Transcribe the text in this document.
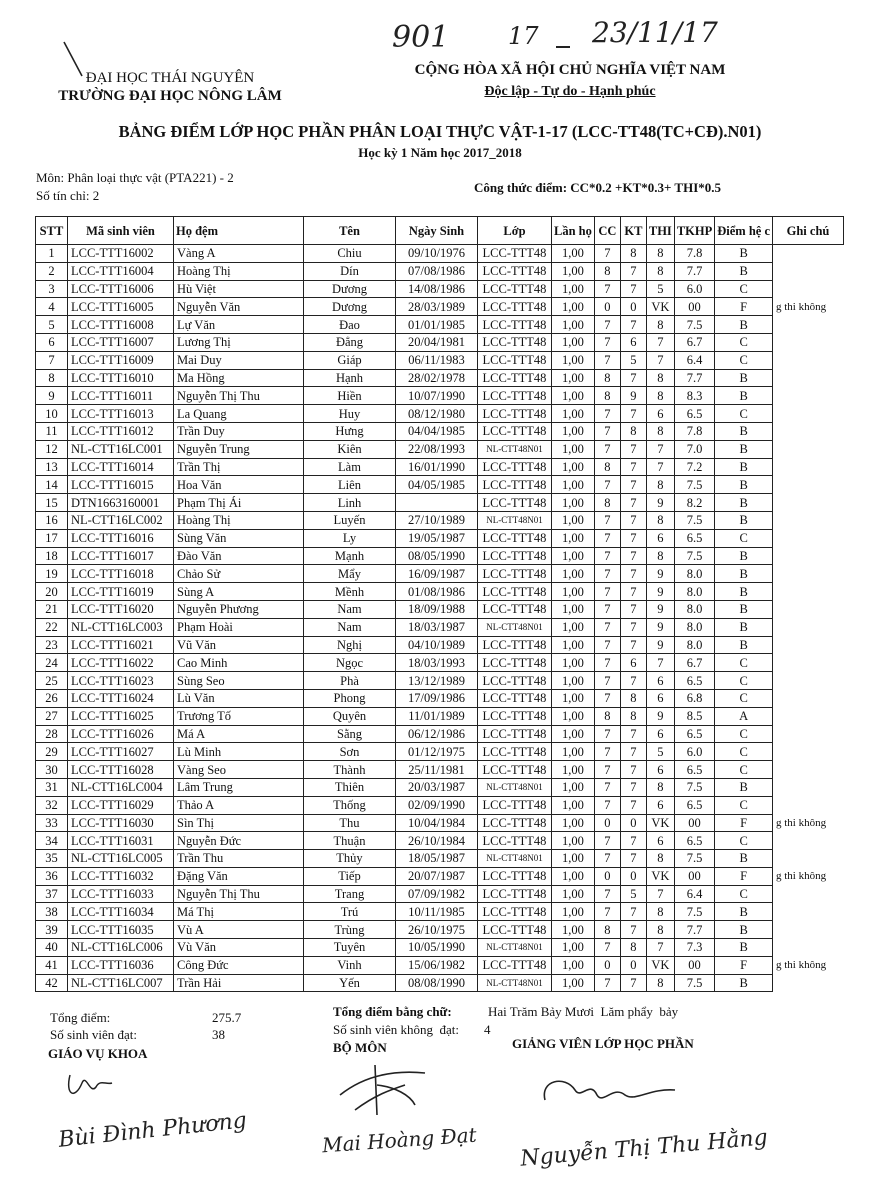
901 17 23/11/17
ĐẠI HỌC THÁI NGUYÊN
TRƯỜNG ĐẠI HỌC NÔNG LÂM
CỘNG HÒA XÃ HỘI CHỦ NGHĨA VIỆT NAM
Độc lập - Tự do - Hạnh phúc
BẢNG ĐIỂM LỚP HỌC PHẦN PHÂN LOẠI THỰC VẬT-1-17 (LCC-TT48(TC+CĐ).N01)
Học kỳ 1 Năm học 2017_2018
Môn: Phân loại thực vật (PTA221) - 2
Số tín chỉ: 2
Công thức điểm: CC*0.2 +KT*0.3+ THI*0.5
STT	Mã sinh viên	Họ đệm	Tên	Ngày Sinh	Lớp	Lần họ	CC	KT	THI	TKHP	Điểm hệ c	Ghi chú
1	LCC-TTT16002	Vàng A	Chiu	09/10/1976	LCC-TTT48	1,00	7	8	8	7.8	B	
2	LCC-TTT16004	Hoàng Thị	Dín	07/08/1986	LCC-TTT48	1,00	8	7	8	7.7	B	
3	LCC-TTT16006	Hù Việt	Dương	14/08/1986	LCC-TTT48	1,00	7	7	5	6.0	C	
4	LCC-TTT16005	Nguyễn Văn	Dương	28/03/1989	LCC-TTT48	1,00	0	0	VK	00	F	g thi không
5	LCC-TTT16008	Lự Văn	Đao	01/01/1985	LCC-TTT48	1,00	7	7	8	7.5	B	
6	LCC-TTT16007	Lương Thị	Đẳng	20/04/1981	LCC-TTT48	1,00	7	6	7	6.7	C	
7	LCC-TTT16009	Mai Duy	Giáp	06/11/1983	LCC-TTT48	1,00	7	5	7	6.4	C	
8	LCC-TTT16010	Ma Hồng	Hạnh	28/02/1978	LCC-TTT48	1,00	8	7	8	7.7	B	
9	LCC-TTT16011	Nguyễn Thị Thu	Hiền	10/07/1990	LCC-TTT48	1,00	8	9	8	8.3	B	
10	LCC-TTT16013	La Quang	Huy	08/12/1980	LCC-TTT48	1,00	7	7	6	6.5	C	
11	LCC-TTT16012	Trần Duy	Hưng	04/04/1985	LCC-TTT48	1,00	7	8	8	7.8	B	
12	NL-CTT16LC001	Nguyễn Trung	Kiên	22/08/1993	NL-CTT48N01	1,00	7	7	7	7.0	B	
13	LCC-TTT16014	Trần Thị	Làm	16/01/1990	LCC-TTT48	1,00	8	7	7	7.2	B	
14	LCC-TTT16015	Hoa Văn	Liên	04/05/1985	LCC-TTT48	1,00	7	7	8	7.5	B	
15	DTN1663160001	Phạm Thị Ái	Linh		LCC-TTT48	1,00	8	7	9	8.2	B	
16	NL-CTT16LC002	Hoàng Thị	Luyến	27/10/1989	NL-CTT48N01	1,00	7	7	8	7.5	B	
17	LCC-TTT16016	Sùng Văn	Ly	19/05/1987	LCC-TTT48	1,00	7	7	6	6.5	C	
18	LCC-TTT16017	Đào Văn	Mạnh	08/05/1990	LCC-TTT48	1,00	7	7	8	7.5	B	
19	LCC-TTT16018	Chảo Sử	Mẩy	16/09/1987	LCC-TTT48	1,00	7	7	9	8.0	B	
20	LCC-TTT16019	Sùng A	Mềnh	01/08/1986	LCC-TTT48	1,00	7	7	9	8.0	B	
21	LCC-TTT16020	Nguyễn Phương	Nam	18/09/1988	LCC-TTT48	1,00	7	7	9	8.0	B	
22	NL-CTT16LC003	Phạm Hoài	Nam	18/03/1987	NL-CTT48N01	1,00	7	7	9	8.0	B	
23	LCC-TTT16021	Vũ Văn	Nghị	04/10/1989	LCC-TTT48	1,00	7	7	9	8.0	B	
24	LCC-TTT16022	Cao Minh	Ngọc	18/03/1993	LCC-TTT48	1,00	7	6	7	6.7	C	
25	LCC-TTT16023	Sùng Seo	Phà	13/12/1989	LCC-TTT48	1,00	7	7	6	6.5	C	
26	LCC-TTT16024	Lù Văn	Phong	17/09/1986	LCC-TTT48	1,00	7	8	6	6.8	C	
27	LCC-TTT16025	Trương Tố	Quyên	11/01/1989	LCC-TTT48	1,00	8	8	9	8.5	A	
28	LCC-TTT16026	Má A	Sằng	06/12/1986	LCC-TTT48	1,00	7	7	6	6.5	C	
29	LCC-TTT16027	Lù Minh	Sơn	01/12/1975	LCC-TTT48	1,00	7	7	5	6.0	C	
30	LCC-TTT16028	Vàng Seo	Thành	25/11/1981	LCC-TTT48	1,00	7	7	6	6.5	C	
31	NL-CTT16LC004	Lâm Trung	Thiên	20/03/1987	NL-CTT48N01	1,00	7	7	8	7.5	B	
32	LCC-TTT16029	Thảo A	Thống	02/09/1990	LCC-TTT48	1,00	7	7	6	6.5	C	
33	LCC-TTT16030	Sìn Thị	Thu	10/04/1984	LCC-TTT48	1,00	0	0	VK	00	F	g thi không
34	LCC-TTT16031	Nguyễn Đức	Thuận	26/10/1984	LCC-TTT48	1,00	7	7	6	6.5	C	
35	NL-CTT16LC005	Trần Thu	Thủy	18/05/1987	NL-CTT48N01	1,00	7	7	8	7.5	B	
36	LCC-TTT16032	Đặng Văn	Tiếp	20/07/1987	LCC-TTT48	1,00	0	0	VK	00	F	g thi không
37	LCC-TTT16033	Nguyễn Thị Thu	Trang	07/09/1982	LCC-TTT48	1,00	7	5	7	6.4	C	
38	LCC-TTT16034	Má Thị	Trú	10/11/1985	LCC-TTT48	1,00	7	7	8	7.5	B	
39	LCC-TTT16035	Vù A	Trùng	26/10/1975	LCC-TTT48	1,00	8	7	8	7.7	B	
40	NL-CTT16LC006	Vù Văn	Tuyên	10/05/1990	NL-CTT48N01	1,00	7	8	7	7.3	B	
41	LCC-TTT16036	Công Đức	Vinh	15/06/1982	LCC-TTT48	1,00	0	0	VK	00	F	g thi không
42	NL-CTT16LC007	Trần Hải	Yến	08/08/1990	NL-CTT48N01	1,00	7	7	8	7.5	B	
Tổng điểm:	275.7	Tổng điểm bằng chữ:	Hai Trăm Bảy Mươi  Lăm phẩy  bảy
Số sinh viên đạt:	38	Số sinh viên không  đạt: 4
GIÁO VỤ KHOA	BỘ MÔN	GIẢNG VIÊN LỚP HỌC PHẦN
Bùi Đình Phương	Mai Hoàng Đạt Nguyễn Thị Thu Hằng
